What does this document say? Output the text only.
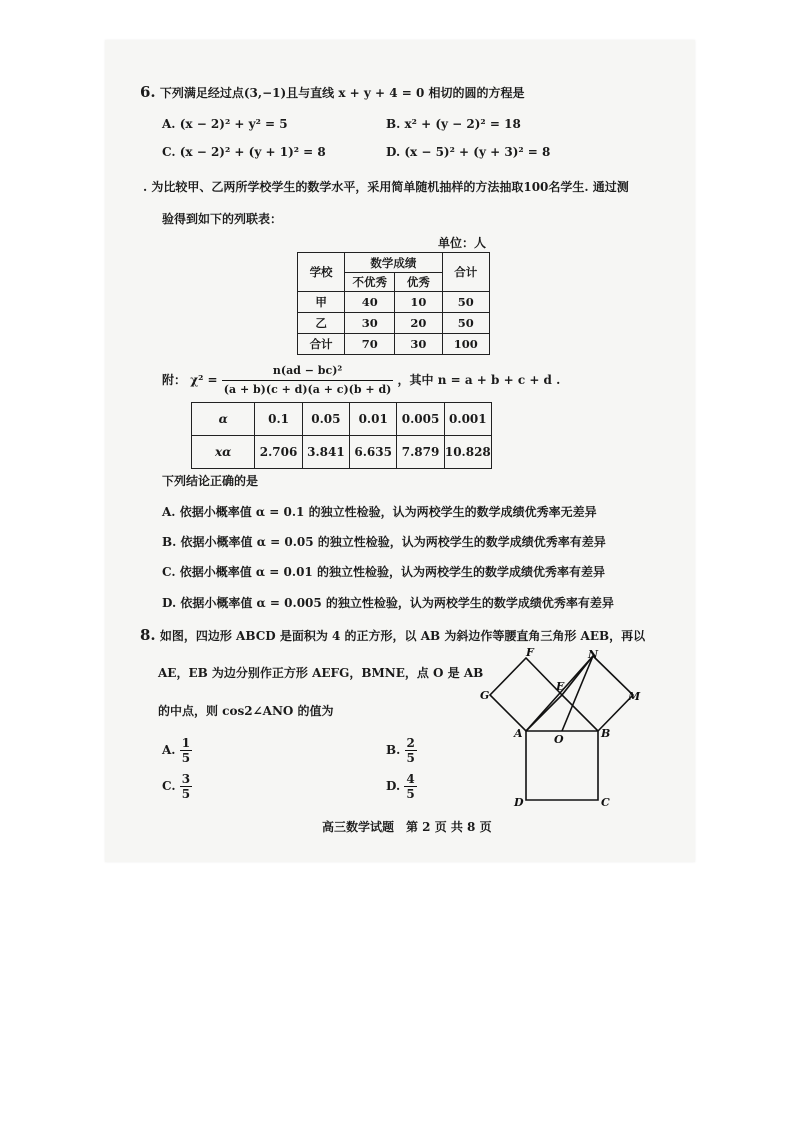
6. 下列满足经过点(3,−1)且与直线 x + y + 4 = 0 相切的圆的方程是
A. (x − 2)² + y² = 5	B. x² + (y − 2)² = 18
C. (x − 2)² + (y + 1)² = 8	D. (x − 5)² + (y + 3)² = 8
. 为比较甲、乙两所学校学生的数学水平，采用简单随机抽样的方法抽取100名学生. 通过测
验得到如下的列联表：
单位：人
学校	数学成绩		合计
	不优秀	优秀	
甲	40	10	50
乙	30	20	50
合计	70	30	100
附： $\chi^2 = \frac{\text{n(ad − bc)²}}{(a + b)(c + d)(a + c)(b + d)}$ ，其中 n = a + b + c + d .
α	0.1	0.05	0.01	0.005	0.001
xα	2.706	3.841	6.635	7.879	10.828
下列结论正确的是
A. 依据小概率值 α = 0.1 的独立性检验，认为两校学生的数学成绩优秀率无差异
B. 依据小概率值 α = 0.05 的独立性检验，认为两校学生的数学成绩优秀率有差异
C. 依据小概率值 α = 0.01 的独立性检验，认为两校学生的数学成绩优秀率有差异
D. 依据小概率值 α = 0.005 的独立性检验，认为两校学生的数学成绩优秀率有差异
8. 如图，四边形 ABCD 是面积为 4 的正方形，以 AB 为斜边作等腰直角三角形 AEB，再以
AE，EB 为边分别作正方形 AEFG，BMNE，点 O 是 AB
的中点，则 cos2∠ANO 的值为
A. $\frac{1}{5}$	B. $\frac{2}{5}$
C. $\frac{3}{5}$	D. $\frac{4}{5}$
F	N
E
G	M
A	O	B
D	C
高三数学试题　第 2 页 共 8 页
